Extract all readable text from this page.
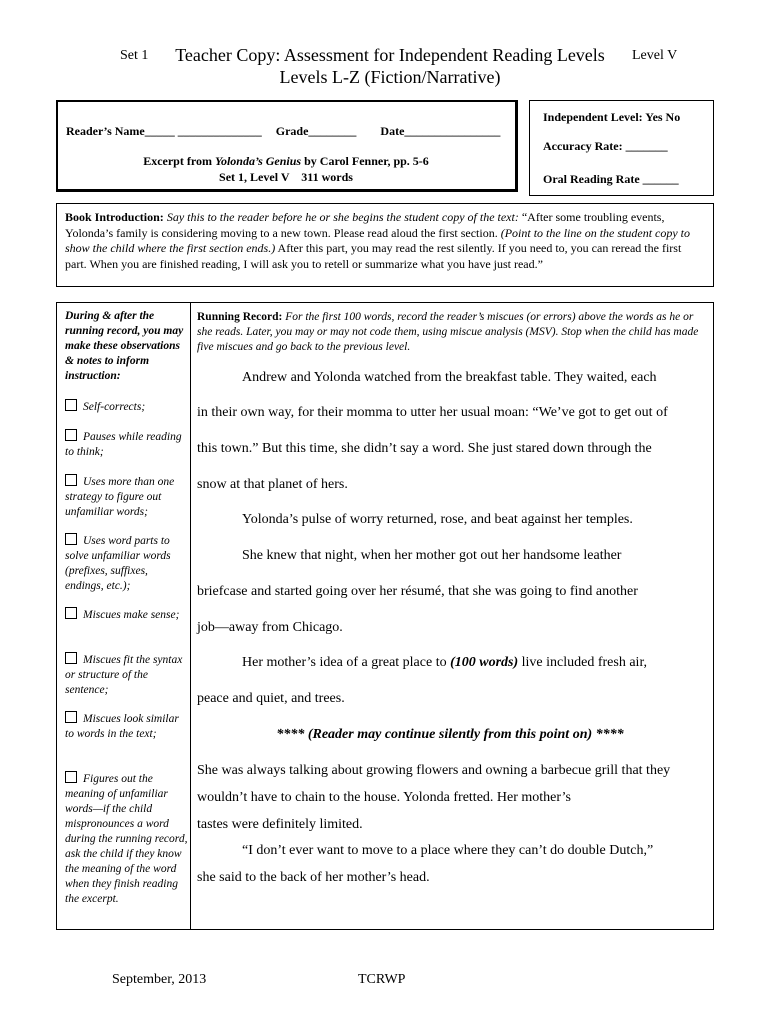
Set 1	Teacher Copy: Assessment for Independent Reading Levels
Levels L-Z (Fiction/Narrative)
Level V
Reader’s Name_____ ______________ Grade________ Date________________
Excerpt from Yolonda’s Genius by Carol Fenner, pp. 5-6
Set 1, Level V    311 words
Independent Level: Yes No
Accuracy Rate: _______
Oral Reading Rate ______
Book Introduction: Say this to the reader before he or she begins the student copy of the text: “After some troubling events, Yolonda’s family is considering moving to a new town. Please read aloud the first section. (Point to the line on the student copy to show the child where the first section ends.) After this part, you may read the rest silently. If you need to, you can reread the first part. When you are finished reading, I will ask you to retell or summarize what you have just read.”
During & after the running record, you may make these observations & notes to inform instruction:
Self-corrects;
Pauses while reading to think;
Uses more than one strategy to figure out unfamiliar words;
Uses word parts to solve unfamiliar words (prefixes, suffixes, endings, etc.);
Miscues make sense;
Miscues fit the syntax or structure of the sentence;
Miscues look similar to words in the text;
Figures out the meaning of unfamiliar words—if the child mispronounces a word during the running record, ask the child if they know the meaning of the word when they finish reading the excerpt.
Running Record: For the first 100 words, record the reader’s miscues (or errors) above the words as he or she reads. Later, you may or may not code them, using miscue analysis (MSV). Stop when the child has made five miscues and go back to the previous level.
Andrew and Yolonda watched from the breakfast table. They waited, each
in their own way, for their momma to utter her usual moan: “We’ve got to get out of
this town.” But this time, she didn’t say a word. She just stared down through the
snow at that planet of hers.
Yolonda’s pulse of worry returned, rose, and beat against her temples.
She knew that night, when her mother got out her handsome leather
briefcase and started going over her résumé, that she was going to find another
job—away from Chicago.
Her mother’s idea of a great place to (100 words) live included fresh air,
peace and quiet, and trees.
**** (Reader may continue silently from this point on) ****
She was always talking about growing flowers and owning a barbecue grill that they
wouldn’t have to chain to the house. Yolonda fretted. Her mother’s
tastes were definitely limited.
“I don’t ever want to move to a place where they can’t do double Dutch,”
she said to the back of her mother’s head.
September, 2013	TCRWP
